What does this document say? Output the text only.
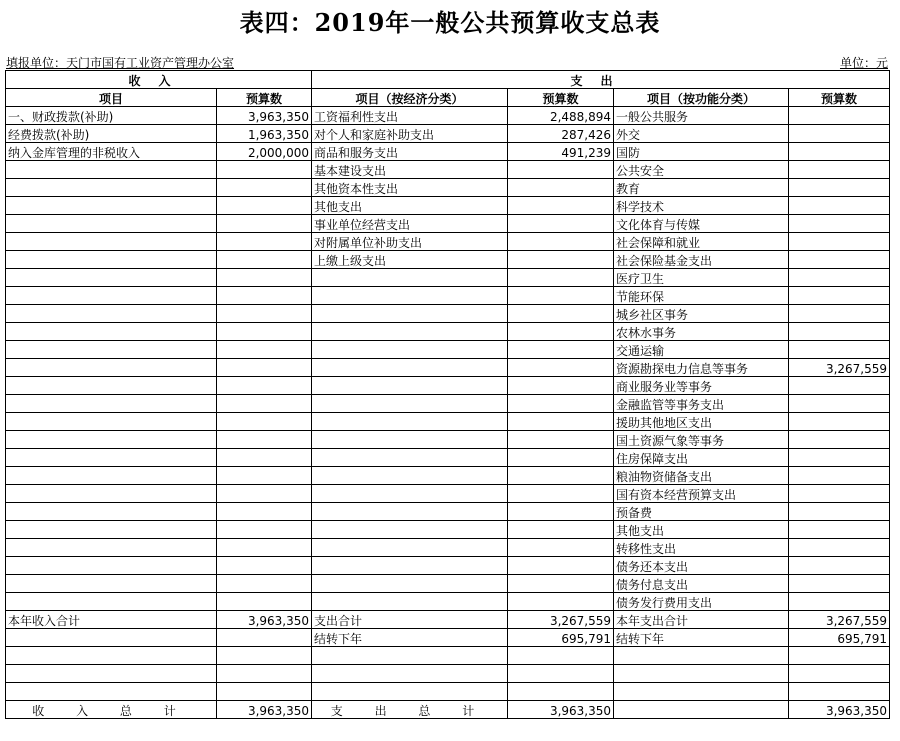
表四：2019年一般公共预算收支总表
填报单位：天门市国有工业资产管理办公室	单位：元
收入		支出			
项目	预算数	项目（按经济分类）	预算数	项目（按功能分类）	预算数
一、财政拨款(补助)	3,963,350	工资福利性支出	2,488,894	一般公共服务	
经费拨款(补助)	1,963,350	对个人和家庭补助支出	287,426	外交	
纳入金库管理的非税收入	2,000,000	商品和服务支出	491,239	国防	
		基本建设支出		公共安全	
		其他资本性支出		教育	
		其他支出		科学技术	
		事业单位经营支出		文化体育与传媒	
		对附属单位补助支出		社会保障和就业	
		上缴上级支出		社会保险基金支出	
				医疗卫生	
				节能环保	
				城乡社区事务	
				农林水事务	
				交通运输	
				资源勘探电力信息等事务	3,267,559
				商业服务业等事务	
				金融监管等事务支出	
				援助其他地区支出	
				国土资源气象等事务	
				住房保障支出	
				粮油物资储备支出	
				国有资本经营预算支出	
				预备费	
				其他支出	
				转移性支出	
				债务还本支出	
				债务付息支出	
				债务发行费用支出	
本年收入合计	3,963,350	支出合计	3,267,559	本年支出合计	3,267,559
		结转下年	695,791	结转下年	695,791

收 入 总 计	3,963,350	支 出 总 计	3,963,350		3,963,350
